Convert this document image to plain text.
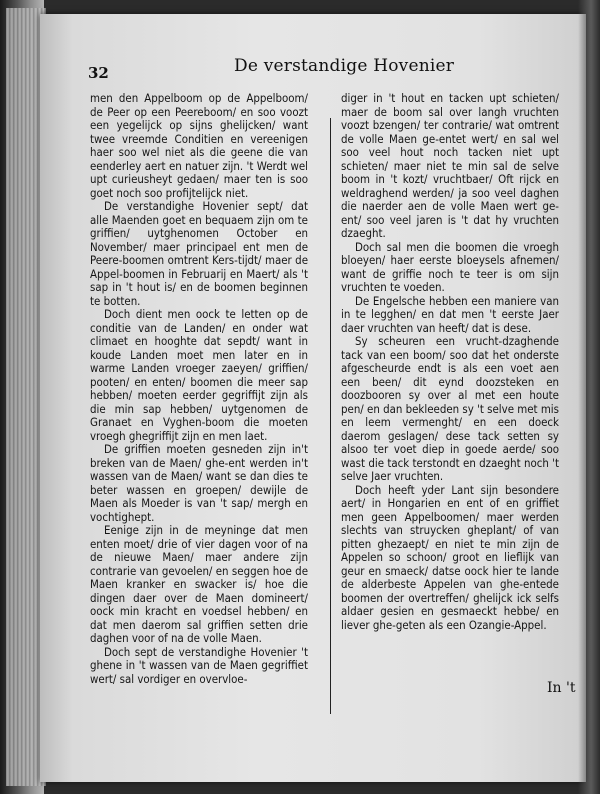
32	De verstandige Hovenier

men den Appelboom op de Appelboom/ de Peer op een Peereboom/ en soo voozt een yegelijck op sijns ghelijcken/ want twee vreemde Conditien en vereenigen haer soo wel niet als die geene die van eenderley aert en natuer zijn. 't Werdt wel upt curieusheyt gedaen/ maer ten is soo goet noch soo profijtelijck niet.

De verstandighe Hovenier sept/ dat alle Maenden goet en bequaem zijn om te griffien/ uytghenomen October en November/ maer principael ent men de Peere-boomen omtrent Kers-tijdt/ maer de Appel-boomen in Februarij en Maert/ als 't sap in 't hout is/ en de boomen beginnen te botten.

Doch dient men oock te letten op de conditie van de Landen/ en onder wat climaet en hooghte dat sepdt/ want in koude Landen moet men later en in warme Landen vroeger zaeyen/ griffien/ pooten/ en enten/ boomen die meer sap hebben/ moeten eerder gegriffijt zijn als die min sap hebben/ uytgenomen de Granaet en Vyghen-boom die moeten vroegh ghegriffijt zijn en men laet.

De griffien moeten gesneden zijn in't breken van de Maen/ ghe-ent werden in't wassen van de Maen/ want se dan dies te beter wassen en groepen/ dewijle de Maen als Moeder is van 't sap/ mergh en vochtighept.

Eenige zijn in de meyninge dat men enten moet/ drie of vier dagen voor of na de nieuwe Maen/ maer andere zijn contrarie van gevoelen/ en seggen hoe de Maen kranker en swacker is/ hoe die dingen daer over de Maen domineert/ oock min kracht en voedsel hebben/ en dat men daerom sal griffien setten drie daghen voor of na de volle Maen.

Doch sept de verstandighe Hovenier 't ghene in 't wassen van de Maen gegriffiet wert/ sal vordiger en overvloe-

diger in 't hout en tacken upt schieten/ maer de boom sal over langh vruchten voozt bzengen/ ter contrarie/ wat omtrent de volle Maen ge-entet wert/ en sal wel soo veel hout noch tacken niet upt schieten/ maer niet te min sal de selve boom in 't kozt/ vruchtbaer/ Oft rijck en weldraghend werden/ ja soo veel daghen die naerder aen de volle Maen wert ge-ent/ soo veel jaren is 't dat hy vruchten dzaeght.

Doch sal men die boomen die vroegh bloeyen/ haer eerste bloeysels afnemen/ want de griffie noch te teer is om sijn vruchten te voeden.

De Engelsche hebben een maniere van in te legghen/ en dat men 't eerste Jaer daer vruchten van heeft/ dat is dese.

Sy scheuren een vrucht-dzaghende tack van een boom/ soo dat het onderste afgescheurde endt is als een voet aen een been/ dit eynd doozsteken en doozbooren sy over al met een houte pen/ en dan bekleeden sy 't selve met mis en leem vermenght/ en een doeck daerom geslagen/ dese tack setten sy alsoo ter voet diep in goede aerde/ soo wast die tack terstondt en dzaeght noch 't selve Jaer vruchten.

Doch heeft yder Lant sijn besondere aert/ in Hongarien en ent of en griffiet men geen Appelboomen/ maer werden slechts van struycken gheplant/ of van pitten ghezaept/ en niet te min zijn de Appelen so schoon/ groot en lieflijk van geur en smaeck/ datse oock hier te lande de alderbeste Appelen van ghe-entede boomen der overtreffen/ ghelijck ick selfs aldaer gesien en gesmaeckt hebbe/ en liever ghe-geten als een Ozangie-Appel.

In 't
